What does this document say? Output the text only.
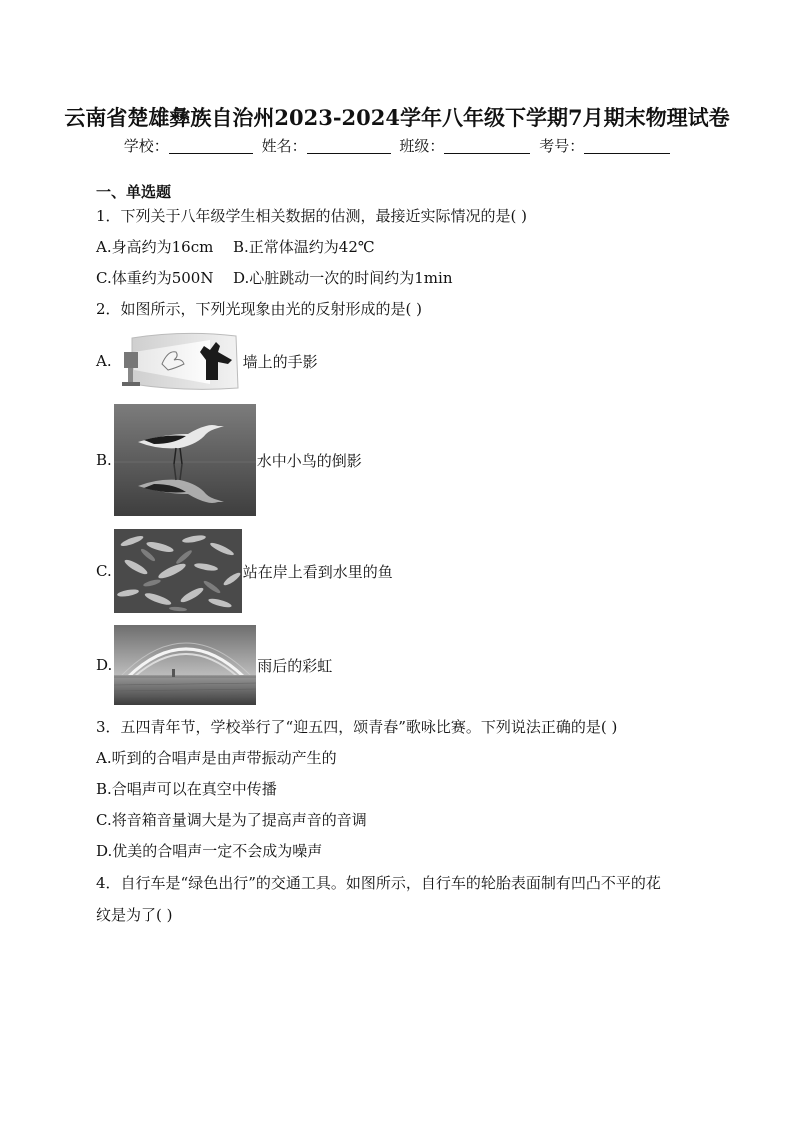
云南省楚雄彝族自治州2023-2024学年八年级下学期7月期末物理试卷
学校：	姓名：	班级：	考号：
一、单选题
1．下列关于八年级学生相关数据的估测，最接近实际情况的是( )
A.身高约为16cm B.正常体温约为42℃
C.体重约为500N D.心脏跳动一次的时间约为1min
2．如图所示，下列光现象由光的反射形成的是( )
A.	墙上的手影
B.	水中小鸟的倒影
C.	站在岸上看到水里的鱼
D.	雨后的彩虹
3．五四青年节，学校举行了“迎五四，颂青春”歌咏比赛。下列说法正确的是( )
A.听到的合唱声是由声带振动产生的
B.合唱声可以在真空中传播
C.将音箱音量调大是为了提高声音的音调
D.优美的合唱声一定不会成为噪声
4．自行车是“绿色出行”的交通工具。如图所示，自行车的轮胎表面制有凹凸不平的花
纹是为了( )
